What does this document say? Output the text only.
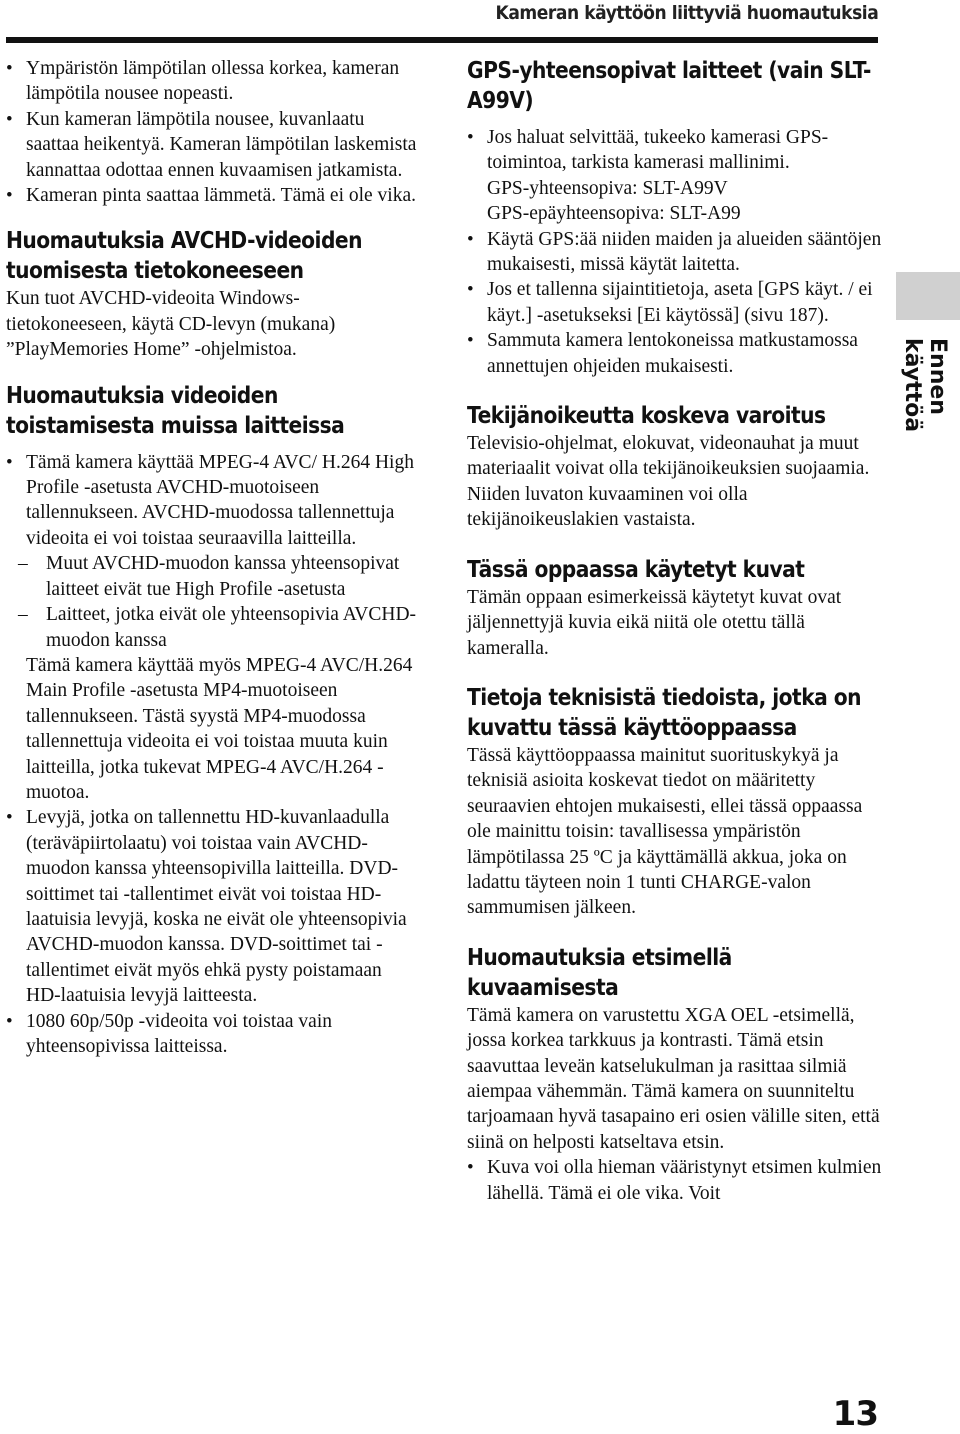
Kameran käyttöön liittyviä huomautuksia
• Ympäristön lämpötilan ollessa korkea, kameran lämpötila nousee nopeasti.
• Kun kameran lämpötila nousee, kuvanlaatu saattaa heikentyä. Kameran lämpötilan laskemista kannattaa odottaa ennen kuvaamisen jatkamista.
• Kameran pinta saattaa lämmetä. Tämä ei ole vika.
Huomautuksia AVCHD-videoiden tuomisesta tietokoneeseen

Kun tuot AVCHD-videoita Windows-tietokoneeseen, käytä CD-levyn (mukana) ”PlayMemories Home” -ohjelmistoa.

Huomautuksia videoiden toistamisesta muissa laitteissa
• Tämä kamera käyttää MPEG-4 AVC/ H.264 High Profile -asetusta AVCHD-muotoiseen tallennukseen. AVCHD-muodossa tallennettuja videoita ei voi toistaa seuraavilla laitteilla.
– Muut AVCHD-muodon kanssa yhteensopivat laitteet eivät tue High Profile -asetusta
– Laitteet, jotka eivät ole yhteensopivia AVCHD-muodon kanssa
Tämä kamera käyttää myös MPEG-4 AVC/H.264 Main Profile -asetusta MP4-muotoiseen tallennukseen. Tästä syystä MP4-muodossa tallennettuja videoita ei voi toistaa muuta kuin laitteilla, jotka tukevat MPEG-4 AVC/H.264 -muotoa.
• Levyjä, jotka on tallennettu HD-kuvanlaadulla (teräväpiirtolaatu) voi toistaa vain AVCHD-muodon kanssa yhteensopivilla laitteilla. DVD-soittimet tai -tallentimet eivät voi toistaa HD-laatuisia levyjä, koska ne eivät ole yhteensopivia AVCHD-muodon kanssa. DVD-soittimet tai -tallentimet eivät myös ehkä pysty poistamaan HD-laatuisia levyjä laitteesta.
• 1080 60p/50p -videoita voi toistaa vain yhteensopivissa laitteissa.
GPS-yhteensopivat laitteet (vain SLT-A99V)
• Jos haluat selvittää, tukeeko kamerasi GPS-toimintoa, tarkista kamerasi mallinimi.
GPS-yhteensopiva: SLT-A99V
GPS-epäyhteensopiva: SLT-A99
• Käytä GPS:ää niiden maiden ja alueiden sääntöjen mukaisesti, missä käytät laitetta.
• Jos et tallenna sijaintitietoja, aseta [GPS käyt. / ei käyt.] -asetukseksi [Ei käytössä] (sivu 187).
• Sammuta kamera lentokoneissa matkustamossa annettujen ohjeiden mukaisesti.
Tekijänoikeutta koskeva varoitus

Televisio-ohjelmat, elokuvat, videonauhat ja muut materiaalit voivat olla tekijänoikeuksien suojaamia. Niiden luvaton kuvaaminen voi olla tekijänoikeuslakien vastaista.

Tässä oppaassa käytetyt kuvat

Tämän oppaan esimerkeissä käytetyt kuvat ovat jäljennettyjä kuvia eikä niitä ole otettu tällä kameralla.

Tietoja teknisistä tiedoista, jotka on kuvattu tässä käyttöoppaassa

Tässä käyttöoppaassa mainitut suorituskykyä ja teknisiä asioita koskevat tiedot on määritetty seuraavien ehtojen mukaisesti, ellei tässä oppaassa ole mainittu toisin: tavallisessa ympäristön lämpötilassa 25 ºC ja käyttämällä akkua, joka on ladattu täyteen noin 1 tunti CHARGE-valon sammumisen jälkeen.

Huomautuksia etsimellä kuvaamisesta

Tämä kamera on varustettu XGA OEL -etsimellä, jossa korkea tarkkuus ja kontrasti. Tämä etsin saavuttaa leveän katselukulman ja rasittaa silmiä aiempaa vähemmän. Tämä kamera on suunniteltu tarjoamaan hyvä tasapaino eri osien välille siten, että siinä on helposti katseltava etsin.

• Kuva voi olla hieman vääristynyt etsimen kulmien lähellä. Tämä ei ole vika. Voit
Ennen käyttöä
13
